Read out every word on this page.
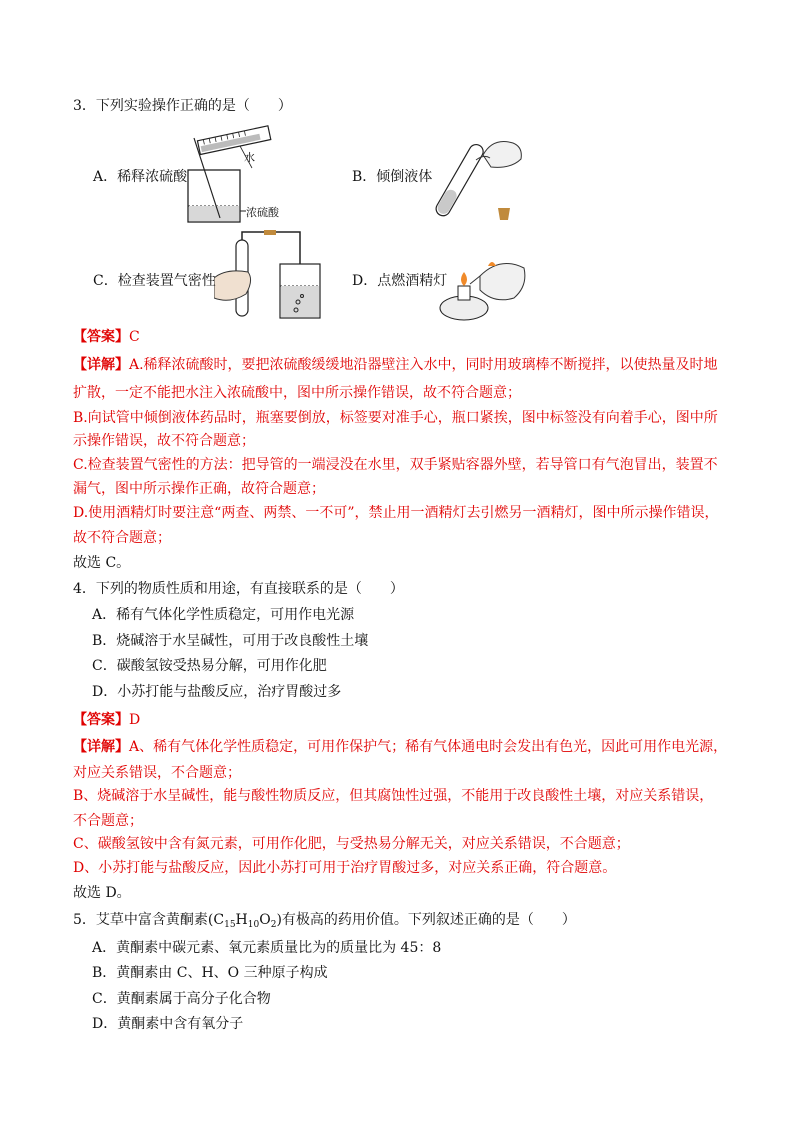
3．下列实验操作正确的是（　　）
水
浓硫酸
A．稀释浓硫酸	B．倾倒液体
C．检查装置气密性	D．点燃酒精灯
【答案】C
【详解】A.稀释浓硫酸时，要把浓硫酸缓缓地沿器壁注入水中，同时用玻璃棒不断搅拌，以使热量及时地
扩散，一定不能把水注入浓硫酸中，图中所示操作错误，故不符合题意；
B.向试管中倾倒液体药品时，瓶塞要倒放，标签要对准手心，瓶口紧挨，图中标签没有向着手心，图中所
示操作错误，故不符合题意；
C.检查装置气密性的方法：把导管的一端浸没在水里，双手紧贴容器外壁，若导管口有气泡冒出，装置不
漏气，图中所示操作正确，故符合题意；
D.使用酒精灯时要注意“两查、两禁、一不可”，禁止用一酒精灯去引燃另一酒精灯，图中所示操作错误，
故不符合题意；
故选 C。
4．下列的物质性质和用途，有直接联系的是（　　）
A．稀有气体化学性质稳定，可用作电光源
B．烧碱溶于水呈碱性，可用于改良酸性土壤
C．碳酸氢铵受热易分解，可用作化肥
D．小苏打能与盐酸反应，治疗胃酸过多
【答案】D
【详解】A、稀有气体化学性质稳定，可用作保护气；稀有气体通电时会发出有色光，因此可用作电光源，
对应关系错误，不合题意；
B、烧碱溶于水呈碱性，能与酸性物质反应，但其腐蚀性过强，不能用于改良酸性土壤，对应关系错误，
不合题意；
C、碳酸氢铵中含有氮元素，可用作化肥，与受热易分解无关，对应关系错误，不合题意；
D、小苏打能与盐酸反应，因此小苏打可用于治疗胃酸过多，对应关系正确，符合题意。
故选 D。
5．艾草中富含黄酮素$(C_{15}H_{10}O_2)$有极高的药用价值。下列叙述正确的是（　　）
A．黄酮素中碳元素、氧元素质量比为的质量比为 45：8
B．黄酮素由 C、H、O 三种原子构成
C．黄酮素属于高分子化合物
D．黄酮素中含有氧分子
